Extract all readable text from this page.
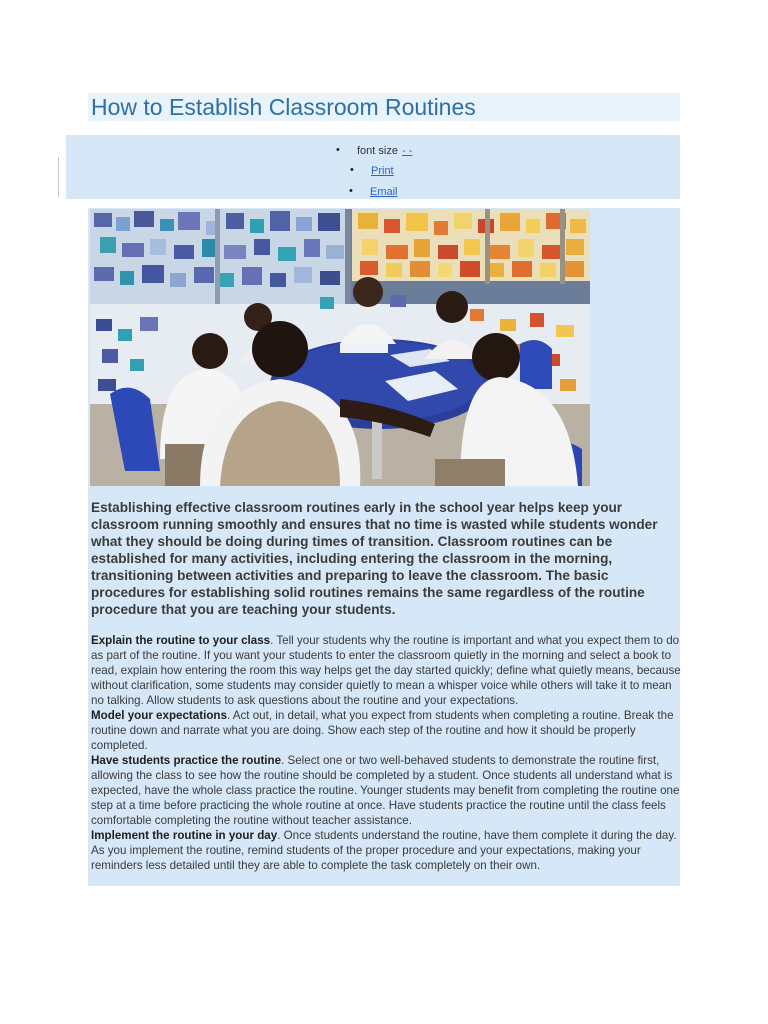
How to Establish Classroom Routines
• font size - -
• Print
• Email

Establishing effective classroom routines early in the school year helps keep your classroom running smoothly and ensures that no time is wasted while students wonder what they should be doing during times of transition. Classroom routines can be established for many activities, including entering the classroom in the morning, transitioning between activities and preparing to leave the classroom. The basic procedures for establishing solid routines remains the same regardless of the routine procedure that you are teaching your students.

Explain the routine to your class. Tell your students why the routine is important and what you expect them to do as part of the routine. If you want your students to enter the classroom quietly in the morning and select a book to read, explain how entering the room this way helps get the day started quickly; define what quietly means, because without clarification, some students may consider quietly to mean a whisper voice while others will take it to mean no talking. Allow students to ask questions about the routine and your expectations.

Model your expectations. Act out, in detail, what you expect from students when completing a routine. Break the routine down and narrate what you are doing. Show each step of the routine and how it should be properly completed.

Have students practice the routine. Select one or two well-behaved students to demonstrate the routine first, allowing the class to see how the routine should be completed by a student. Once students all understand what is expected, have the whole class practice the routine. Younger students may benefit from completing the routine one step at a time before practicing the whole routine at once. Have students practice the routine until the class feels comfortable completing the routine without teacher assistance.

Implement the routine in your day. Once students understand the routine, have them complete it during the day. As you implement the routine, remind students of the proper procedure and your expectations, making your reminders less detailed until they are able to complete the task completely on their own.
